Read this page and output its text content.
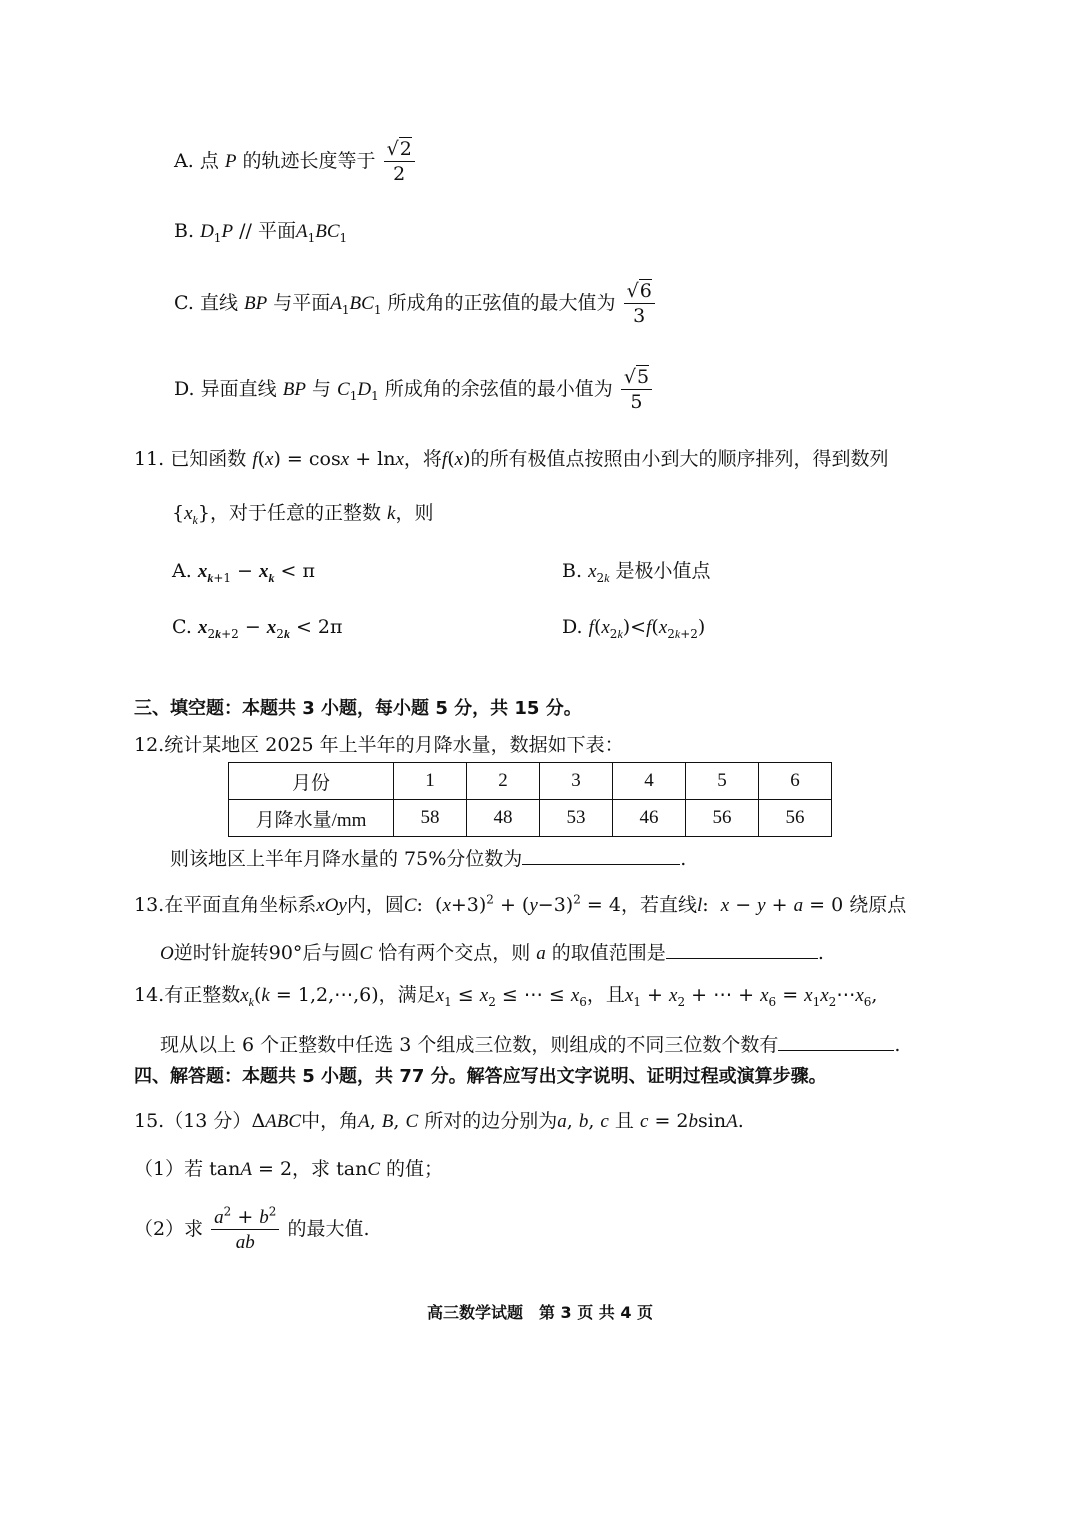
A. 点 P 的轨迹长度等于 $\frac{√2}{2}$
B. $D_1P$ // 平面$A_1BC_1$
C. 直线 BP 与平面$A_1BC_1$ 所成角的正弦值的最大值为 $\frac{√6}{3}$
D. 异面直线 BP 与 $C_1D_1$ 所成角的余弦值的最小值为 $\frac{√5}{5}$
11. 已知函数 f(x) = cosx + lnx，将f(x)的所有极值点按照由小到大的顺序排列，得到数列
$\{x_k\}$，对于任意的正整数 k，则
A. $x_{k+1} - x_k < \pi$	B. $x_{2k}$ 是极小值点
C. $x_{2k+2} - x_{2k} < 2\pi$	D. $f(x_{2k})<f(x_{2k+2})$
三、填空题：本题共 3 小题，每小题 5 分，共 15 分。
12.统计某地区 2025 年上半年的月降水量，数据如下表：
月份	1	2	3	4	5	6
月降水量/mm	58	48	53	46	56	56
则该地区上半年月降水量的 75%分位数为	.
13.在平面直角坐标系xOy内，圆C:  $(x+3)^2 + (y-3)^2 = 4$，若直线l:  x − y + a = 0 绕原点
O逆时针旋转90°后与圆C 恰有两个交点，则 a 的取值范围是	.
14.有正整数$x_k(k$ = 1,2,⋯,6)，满足$x_1 \le x_2$ ≤ ⋯ ≤ $x_6$，且$x_1 + x_2$ + ⋯ + $x_6$ = $x_1x_2\cdots x_6$,
现从以上 6 个正整数中任选 3 个组成三位数，则组成的不同三位数个数有	.
四、解答题：本题共 5 小题，共 77 分。解答应写出文字说明、证明过程或演算步骤。
15.（13 分）ΔABC中，角A, B, C 所对的边分别为a, b, c 且 c = 2bsinA.
（1）若 tanA = 2，求 tanC 的值；
（2）求 $\frac{a^2 + b^2}{ab}$ 的最大值.
高三数学试题　第 3 页 共 4 页
